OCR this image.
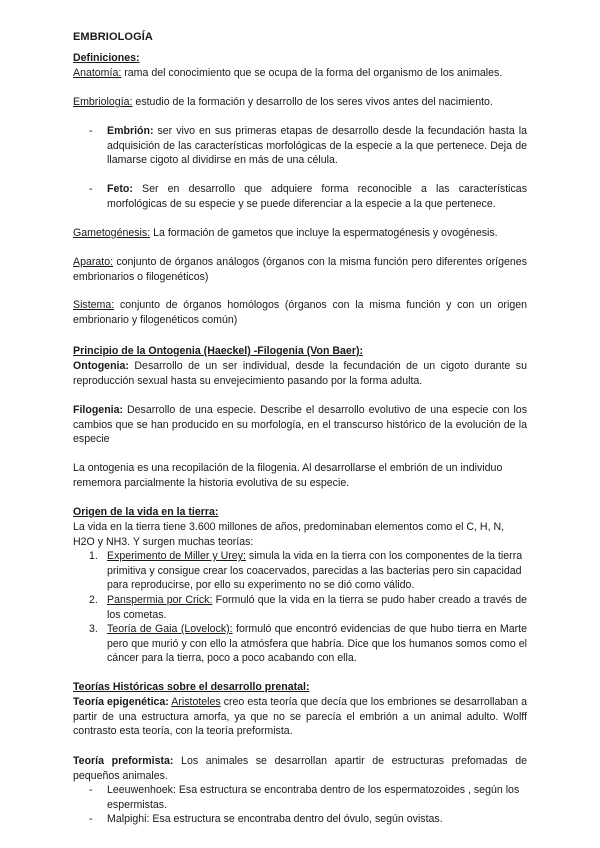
EMBRIOLOGÍA
Definiciones:
Anatomía: rama del conocimiento que se ocupa de la forma del organismo de los animales.
Embriología: estudio de la formación y desarrollo de los seres vivos antes del nacimiento.
- Embrión: ser vivo en sus primeras etapas de desarrollo desde la fecundación hasta la adquisición de las características morfológicas de la especie a la que pertenece. Deja de llamarse cigoto al dividirse en más de una célula.
- Feto: Ser en desarrollo que adquiere forma reconocible a las características morfológicas de su especie y se puede diferenciar a la especie a la que pertenece.
Gametogénesis: La formación de gametos que incluye la espermatogénesis y ovogénesis.
Aparato: conjunto de órganos análogos (órganos con la misma función pero diferentes orígenes embrionarios o filogenéticos)
Sistema: conjunto de órganos homólogos (órganos con la misma función y con un origen embrionario y filogenéticos común)
Principio de la Ontogenia (Haeckel) -Filogenia (Von Baer):
Ontogenia: Desarrollo de un ser individual, desde la fecundación de un cigoto durante su reproducción sexual hasta su envejecimiento pasando por la forma adulta.
Filogenia: Desarrollo de una especie. Describe el desarrollo evolutivo de una especie con los cambios que se han producido en su morfología, en el transcurso histórico de la evolución de la especie
La ontogenia es una recopilación de la filogenia. Al desarrollarse el embrión de un individuo rememora parcialmente la historia evolutiva de su especie.
Origen de la vida en la tierra:
La vida en la tierra tiene 3.600 millones de años, predominaban elementos como el C, H, N, H2O y NH3. Y surgen muchas teorías:
1. Experimento de Miller y Urey: simula la vida en la tierra con los componentes de la tierra primitiva y consigue crear los coacervados, parecidas a las bacterias pero sin capacidad para reproducirse, por ello su experimento no se dió como válido.
2. Panspermia por Crick: Formuló que la vida en la tierra se pudo haber creado a través de los cometas.
3. Teoría de Gaia (Lovelock): formuló que encontró evidencias de que hubo tierra en Marte pero que murió y con ello la atmósfera que habría. Dice que los humanos somos como el cáncer para la tierra, poco a poco acabando con ella.
Teorías Históricas sobre el desarrollo prenatal:
Teoría epigenética: Aristoteles creo esta teoría que decía que los embriones se desarrollaban a partir de una estructura amorfa, ya que no se parecía el embrión a un animal adulto. Wolff contrasto esta teoría, con la teoría preformista.
Teoría preformista: Los animales se desarrollan apartir de estructuras prefomadas de pequeños animales.
- Leeuwenhoek: Esa estructura se encontraba dentro de los espermatozoides , según los espermistas.
- Malpighi: Esa estructura se encontraba dentro del óvulo, según ovistas.
